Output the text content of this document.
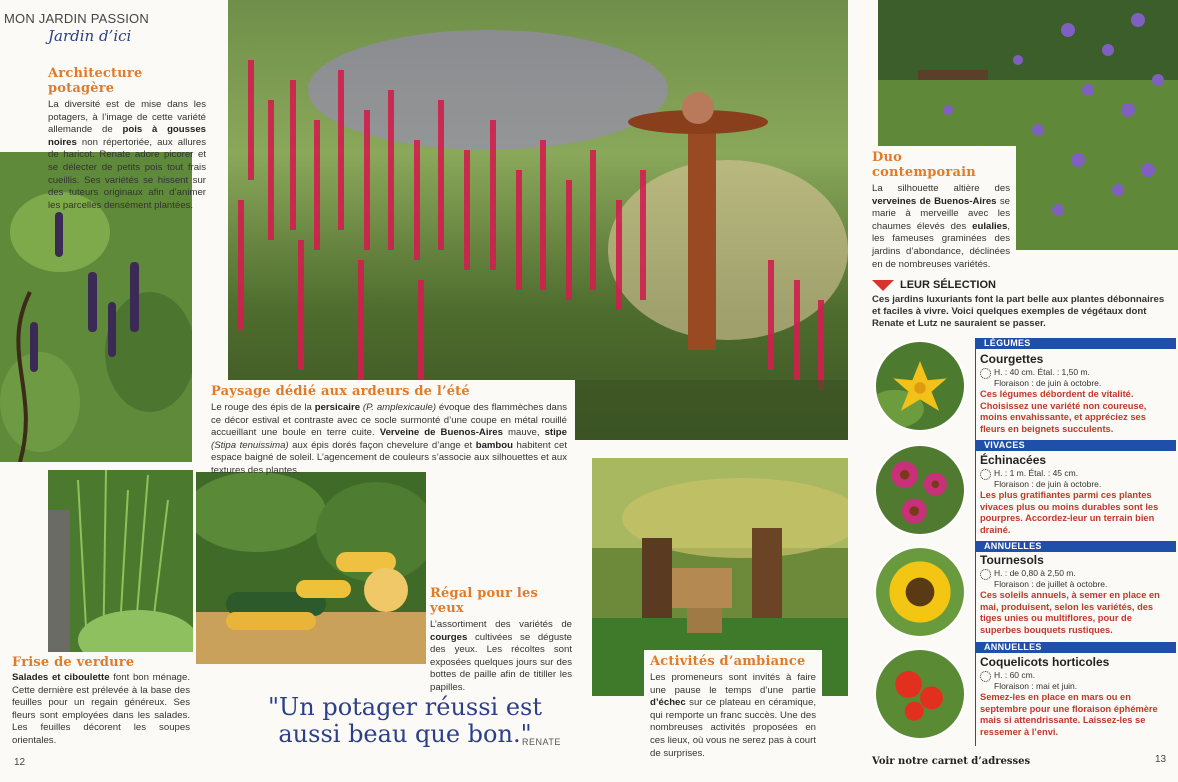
MON JARDIN PASSION
Jardin d’ici
Architecture potagère
La diversité est de mise dans les potagers, à l’image de cette variété allemande de pois à gousses noires non répertoriée, aux allures de haricot. Renate adore picorer et se délecter de petits pois tout frais cueillis. Ses variétés se hissent sur des tuteurs originaux afin d’animer les parcelles densément plantées.
Paysage dédié aux ardeurs de l’été
Le rouge des épis de la persicaire (P. amplexicaule) évoque des flammèches dans ce décor estival et contraste avec ce socle surmonté d’une coupe en métal rouillé accueillant une boule en terre cuite. Verveine de Buenos-Aires mauve, stipe (Stipa tenuissima) aux épis dorés façon chevelure d’ange et bambou habitent cet espace baigné de soleil. L’agencement de couleurs s’associe aux silhouettes et aux textures des plantes.
Frise de verdure
Salades et ciboulette font bon ménage. Cette dernière est prélevée à la base des feuilles pour un regain généreux. Ses fleurs sont employées dans les salades. Les feuilles décorent les soupes orientales.
Régal pour les yeux
L’assortiment des variétés de courges cultivées se déguste des yeux. Les récoltes sont exposées quelques jours sur des bottes de paille afin de titiller les papilles.
Activités d’ambiance
Les promeneurs sont invités à faire une pause le temps d’une partie d’échec sur ce plateau en céramique, qui remporte un franc succès. Une des nombreuses activités proposées en ces lieux, où vous ne serez pas à court de surprises.
Duo contemporain
La silhouette altière des verveines de Buenos-Aires se marie à merveille avec les chaumes élevés des eulalies, les fameuses graminées des jardins d’abondance, déclinées en de nombreuses variétés.
"Un potager réussi est aussi beau que bon."
RENATE
LEUR SÉLECTION
Ces jardins luxuriants font la part belle aux plantes débonnaires et faciles à vivre. Voici quelques exemples de végétaux dont Renate et Lutz ne sauraient se passer.
LÉGUMES
Courgettes
H. : 40 cm. Étal. : 1,50 m.
Floraison : de juin à octobre.
Ces légumes débordent de vitalité. Choisissez une variété non coureuse, moins envahissante, et appréciez ses fleurs en beignets succulents.
VIVACES
Échinacées
H. : 1 m. Étal. : 45 cm.
Floraison : de juin à octobre.
Les plus gratifiantes parmi ces plantes vivaces plus ou moins durables sont les pourpres. Accordez-leur un terrain bien drainé.
ANNUELLES
Tournesols
H. : de 0,80 à 2,50 m.
Floraison : de juillet à octobre.
Ces soleils annuels, à semer en place en mai, produisent, selon les variétés, des tiges unies ou multiflores, pour de superbes bouquets rustiques.
ANNUELLES
Coquelicots horticoles
H. : 60 cm.
Floraison : mai et juin.
Semez-les en place en mars ou en septembre pour une floraison éphémère mais si attendrissante. Laissez-les se ressemer à l’envi.
Voir notre carnet d’adresses
12	13
